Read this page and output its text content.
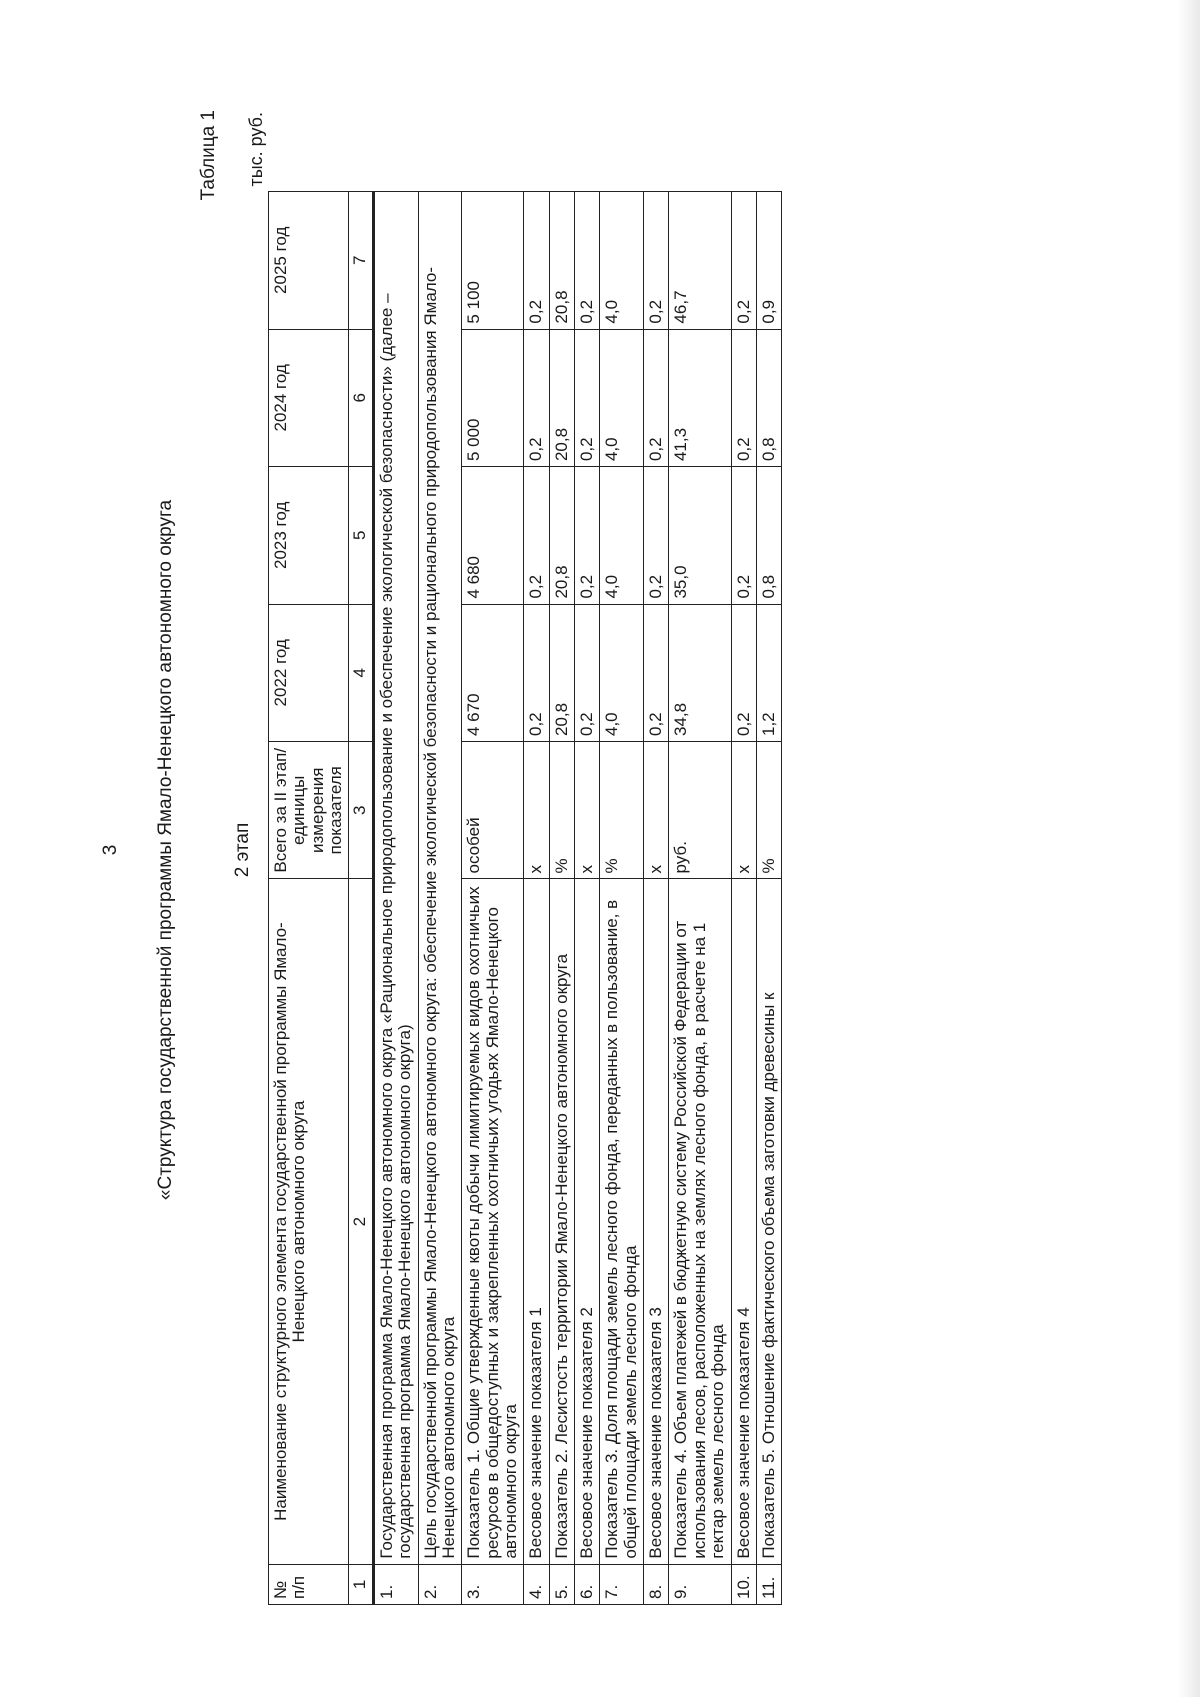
3 «Структура государственной программы Ямало-Ненецкого автономного округа
Таблица 1
2 этап
тыс. руб.
№ п/п	Наименование структурного элемента государственной программы Ямало-Ненецкого автономного округа	Всего за II этап/ единицы измерения показателя	2022 год	2023 год	2024 год	2025 год
1	2	3	4	5	6	7
1.	Государственная программа Ямало-Ненецкого автономного округа «Рациональное природопользование и обеспечение экологической безопасности» (далее – государственная программа Ямало-Ненецкого автономного округа)					
2.	Цель государственной программы Ямало-Ненецкого автономного округа: обеспечение экологической безопасности и рационального природопользования Ямало-Ненецкого автономного округа					
3.	Показатель 1. Общие утвержденные квоты добычи лимитируемых видов охотничьих ресурсов в общедоступных и закрепленных охотничьих угодьях Ямало-Ненецкого автономного округа	особей	4 670	4 680	5 000	5 100
4.	Весовое значение показателя 1	x	0,2	0,2	0,2	0,2
5.	Показатель 2. Лесистость территории Ямало-Ненецкого автономного округа	%	20,8	20,8	20,8	20,8
6.	Весовое значение показателя 2	x	0,2	0,2	0,2	0,2
7.	Показатель 3. Доля площади земель лесного фонда, переданных в пользование, в общей площади земель лесного фонда	%	4,0	4,0	4,0	4,0
8.	Весовое значение показателя 3	x	0,2	0,2	0,2	0,2
9.	Показатель 4. Объем платежей в бюджетную систему Российской Федерации от использования лесов, расположенных на землях лесного фонда, в расчете на 1 гектар земель лесного фонда	руб.	34,8	35,0	41,3	46,7
10.	Весовое значение показателя 4	x	0,2	0,2	0,2	0,2
11.	Показатель 5. Отношение фактического объема заготовки древесины к	%	1,2	0,8	0,8	0,9
